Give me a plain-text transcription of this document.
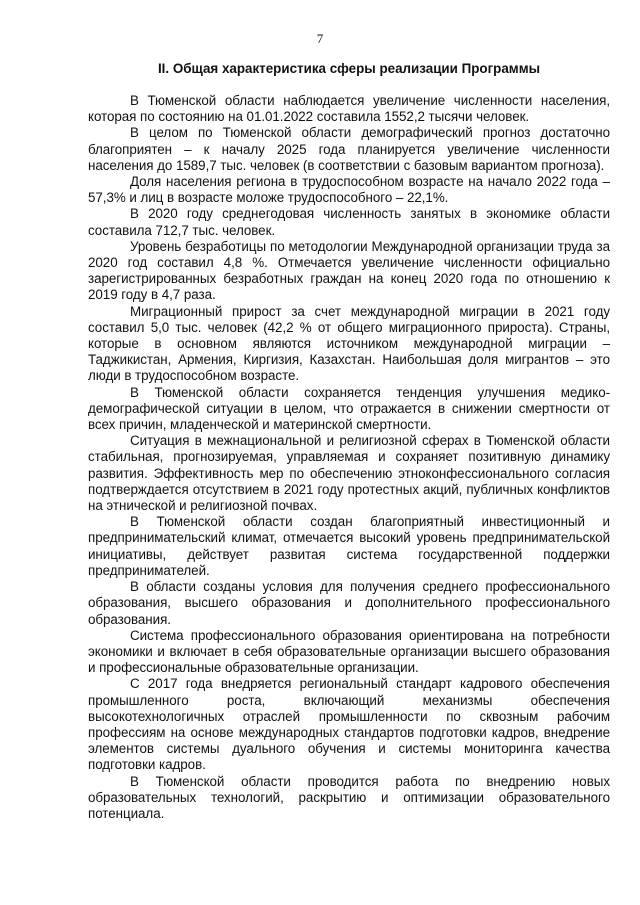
7
II. Общая характеристика сферы реализации Программы

В Тюменской области наблюдается увеличение численности населения, которая по состоянию на 01.01.2022 составила 1552,2 тысячи человек.

В целом по Тюменской области демографический прогноз достаточно благоприятен – к началу 2025 года планируется увеличение численности населения до 1589,7 тыс. человек (в соответствии с базовым вариантом прогноза).

Доля населения региона в трудоспособном возрасте на начало 2022 года – 57,3% и лиц в возрасте моложе трудоспособного – 22,1%.

В 2020 году среднегодовая численность занятых в экономике области составила 712,7 тыс. человек.

Уровень безработицы по методологии Международной организации труда за 2020 год составил 4,8 %. Отмечается увеличение численности официально зарегистрированных безработных граждан на конец 2020 года по отношению к 2019 году в 4,7 раза.

Миграционный прирост за счет международной миграции в 2021 году составил 5,0 тыс. человек (42,2 % от общего миграционного прироста). Страны, которые в основном являются источником международной миграции – Таджикистан, Армения, Киргизия, Казахстан. Наибольшая доля мигрантов – это люди в трудоспособном возрасте.

В Тюменской области сохраняется тенденция улучшения медико-демографической ситуации в целом, что отражается в снижении смертности от всех причин, младенческой и материнской смертности.

Ситуация в межнациональной и религиозной сферах в Тюменской области стабильная, прогнозируемая, управляемая и сохраняет позитивную динамику развития. Эффективность мер по обеспечению этноконфессионального согласия подтверждается отсутствием в 2021 году протестных акций, публичных конфликтов на этнической и религиозной почвах.

В Тюменской области создан благоприятный инвестиционный и предпринимательский климат, отмечается высокий уровень предпринимательской инициативы, действует развитая система государственной поддержки предпринимателей.

В области созданы условия для получения среднего профессионального образования, высшего образования и дополнительного профессионального образования.

Система профессионального образования ориентирована на потребности экономики и включает в себя образовательные организации высшего образования и профессиональные образовательные организации.

С 2017 года внедряется региональный стандарт кадрового обеспечения промышленного роста, включающий механизмы обеспечения высокотехнологичных отраслей промышленности по сквозным рабочим профессиям на основе международных стандартов подготовки кадров, внедрение элементов системы дуального обучения и системы мониторинга качества подготовки кадров.

В Тюменской области проводится работа по внедрению новых образовательных технологий, раскрытию и оптимизации образовательного потенциала.
